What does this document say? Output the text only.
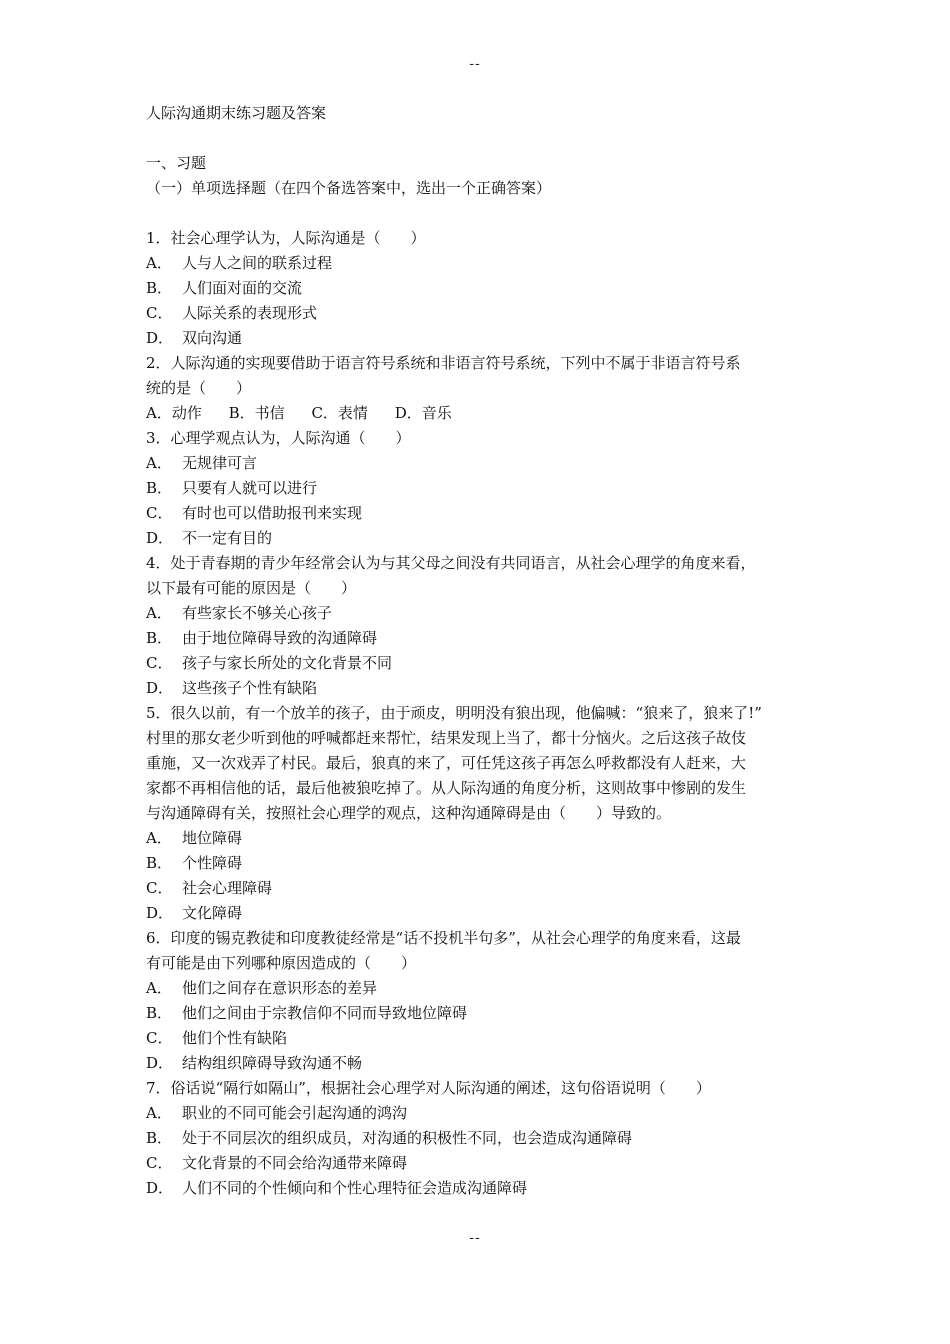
--
人际沟通期末练习题及答案
一、习题
（一）单项选择题（在四个备选答案中，选出一个正确答案）
1．社会心理学认为，人际沟通是（　　）
A． 人与人之间的联系过程
B． 人们面对面的交流
C． 人际关系的表现形式
D． 双向沟通
2．人际沟通的实现要借助于语言符号系统和非语言符号系统，下列中不属于非语言符号系
统的是（　　）
A．动作 B．书信 C．表情 D．音乐
3．心理学观点认为，人际沟通（　　）
A． 无规律可言
B． 只要有人就可以进行
C． 有时也可以借助报刊来实现
D． 不一定有目的
4．处于青春期的青少年经常会认为与其父母之间没有共同语言，从社会心理学的角度来看，
以下最有可能的原因是（　　）
A． 有些家长不够关心孩子
B． 由于地位障碍导致的沟通障碍
C． 孩子与家长所处的文化背景不同
D． 这些孩子个性有缺陷
5．很久以前，有一个放羊的孩子，由于顽皮，明明没有狼出现，他偏喊：“狼来了，狼来了!”
村里的那女老少听到他的呼喊都赶来帮忙，结果发现上当了，都十分恼火。之后这孩子故伎
重施，又一次戏弄了村民。最后，狼真的来了，可任凭这孩子再怎么呼救都没有人赶来，大
家都不再相信他的话，最后他被狼吃掉了。从人际沟通的角度分析，这则故事中惨剧的发生
与沟通障碍有关，按照社会心理学的观点，这种沟通障碍是由（　　）导致的。
A． 地位障碍
B． 个性障碍
C． 社会心理障碍
D． 文化障碍
6．印度的锡克教徒和印度教徒经常是“话不投机半句多”，从社会心理学的角度来看，这最
有可能是由下列哪种原因造成的（　　）
A． 他们之间存在意识形态的差异
B． 他们之间由于宗教信仰不同而导致地位障碍
C． 他们个性有缺陷
D． 结构组织障碍导致沟通不畅
7．俗话说“隔行如隔山”，根据社会心理学对人际沟通的阐述，这句俗语说明（　　）
A． 职业的不同可能会引起沟通的鸿沟
B． 处于不同层次的组织成员，对沟通的积极性不同，也会造成沟通障碍
C． 文化背景的不同会给沟通带来障碍
D． 人们不同的个性倾向和个性心理特征会造成沟通障碍
--
